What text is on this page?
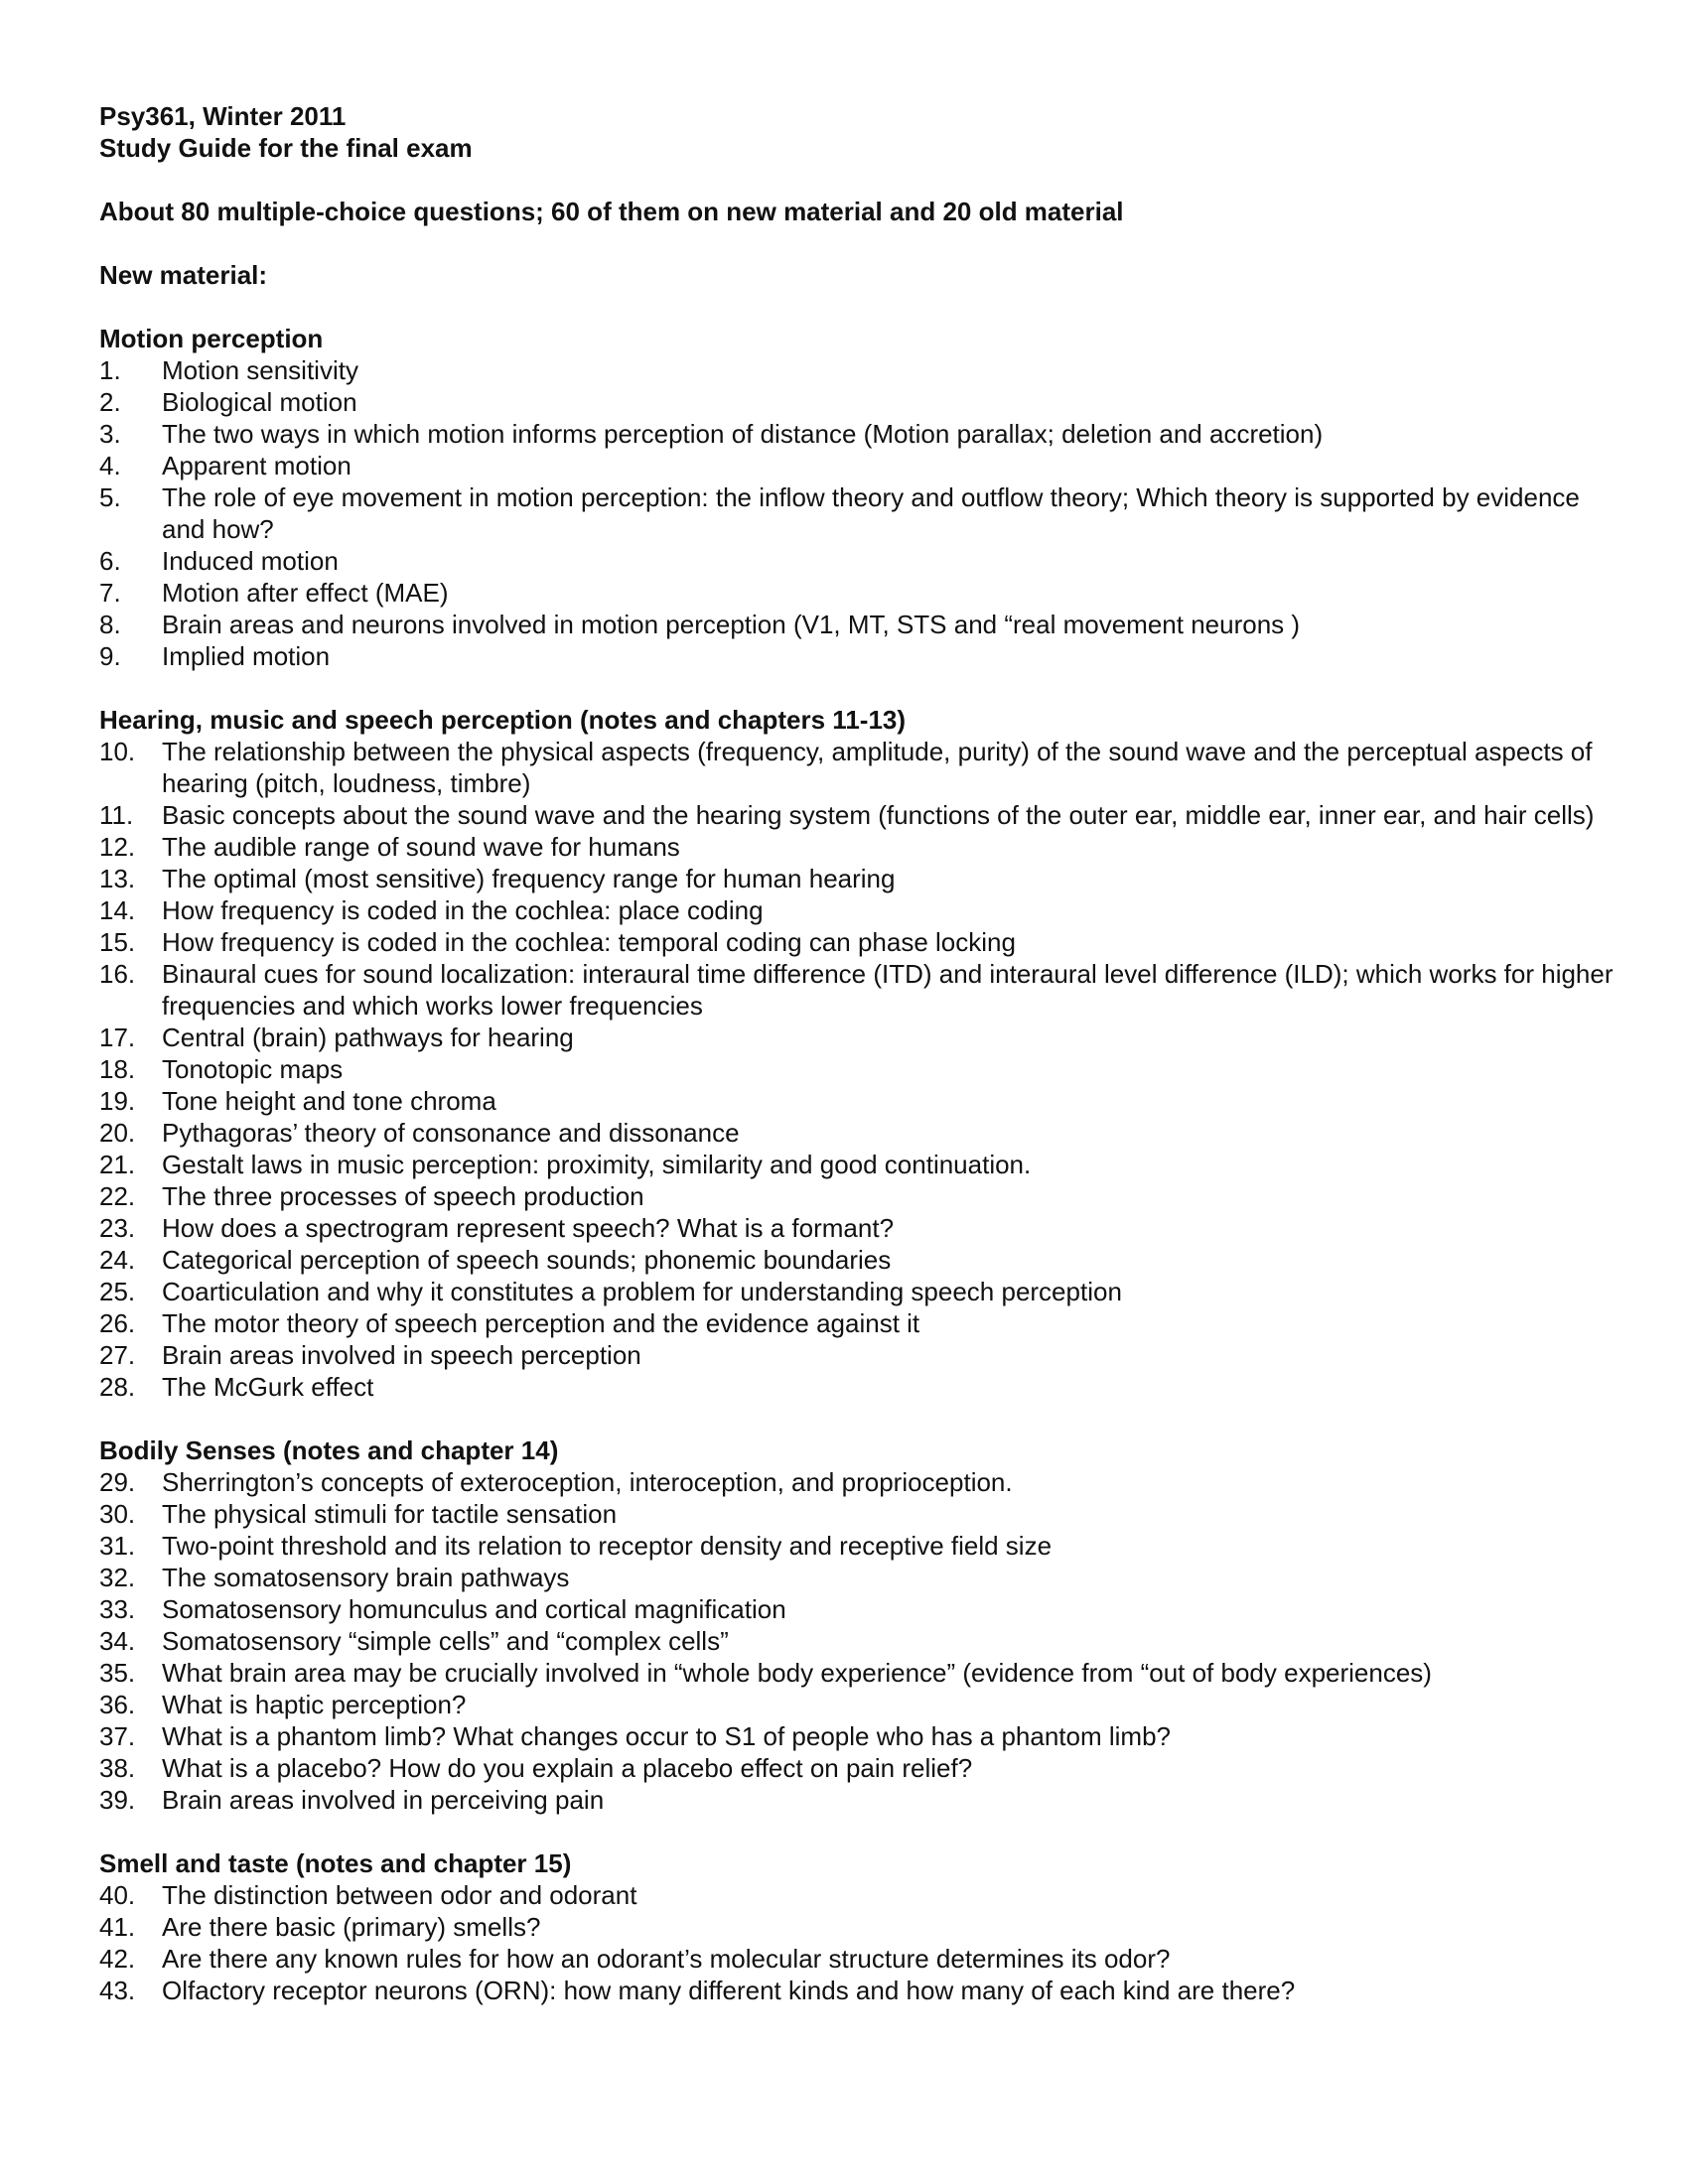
Psy361, Winter 2011
Study Guide for the final exam
About 80 multiple-choice questions; 60 of them on new material and 20 old material
New material:
Motion perception
1.	Motion sensitivity
2.	Biological motion
3.	The two ways in which motion informs perception of distance (Motion parallax; deletion and accretion)
4.	Apparent motion
5.	The role of eye movement in motion perception: the inflow theory and outflow theory; Which theory is supported by evidence and how?
6.	Induced motion
7.	Motion after effect (MAE)
8.	Brain areas and neurons involved in motion perception (V1, MT, STS and “real movement neurons )
9.	Implied motion
Hearing, music and speech perception (notes and chapters 11-13)
10.	The relationship between the physical aspects (frequency, amplitude, purity) of the sound wave and the perceptual aspects of hearing (pitch, loudness, timbre)
11.	Basic concepts about the sound wave and the hearing system (functions of the outer ear, middle ear, inner ear, and hair cells)
12.	The audible range of sound wave for humans
13.	The optimal (most sensitive) frequency range for human hearing
14.	How frequency is coded in the cochlea: place coding
15.	How frequency is coded in the cochlea: temporal coding can phase locking
16.	Binaural cues for sound localization: interaural time difference (ITD) and interaural level difference (ILD); which works for higher frequencies and which works lower frequencies
17.	Central (brain) pathways for hearing
18.	Tonotopic maps
19.	Tone height and tone chroma
20.	Pythagoras’ theory of consonance and dissonance
21.	Gestalt laws in music perception: proximity, similarity and good continuation.
22.	The three processes of speech production
23.	How does a spectrogram represent speech? What is a formant?
24.	Categorical perception of speech sounds; phonemic boundaries
25.	Coarticulation and why it constitutes a problem for understanding speech perception
26.	The motor theory of speech perception and the evidence against it
27.	Brain areas involved in speech perception
28.	The McGurk effect
Bodily Senses (notes and chapter 14)
29.	Sherrington’s concepts of exteroception, interoception, and proprioception.
30.	The physical stimuli for tactile sensation
31.	Two-point threshold and its relation to receptor density and receptive field size
32.	The somatosensory brain pathways
33.	Somatosensory homunculus and cortical magnification
34.	Somatosensory “simple cells” and “complex cells”
35.	What brain area may be crucially involved in “whole body experience” (evidence from “out of body experiences)
36.	What is haptic perception?
37.	What is a phantom limb? What changes occur to S1 of people who has a phantom limb?
38.	What is a placebo? How do you explain a placebo effect on pain relief?
39.	Brain areas involved in perceiving pain
Smell and taste (notes and chapter 15)
40.	The distinction between odor and odorant
41.	Are there basic (primary) smells?
42.	Are there any known rules for how an odorant’s molecular structure determines its odor?
43.	Olfactory receptor neurons (ORN): how many different kinds and how many of each kind are there?
